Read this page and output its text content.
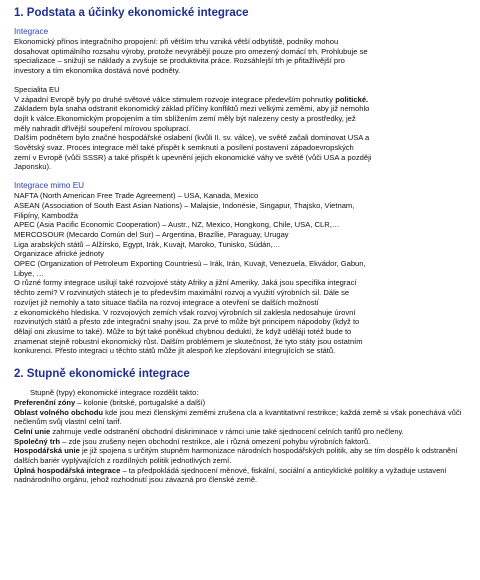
1. Podstata a účinky ekonomické integrace
Integrace

Ekonomický přínos integračního propojení: při větším trhu vzniká větší odbytiště, podniky mohou

dosahovat optimálního rozsahu výroby, protože nevyrábějí pouze pro omezený domácí trh. Prohlubuje se

specializace – snižují se náklady a zvyšuje se produktivita práce. Rozsáhlejší trh je přitažlivější pro

investory a tím ekonomika dostává nové podněty.

Specialita EU

V západní Evropě byly po druhé světové válce stimulem rozvoje integrace především pohnutky politické.

Základem byla snaha odstranit ekonomický základ příčiny konfliktů mezi velkými zeměmi, aby již nemohlo

dojít k válce.Ekonomickým propojením a tím sblížením zemí měly být nalezeny cesty a prostředky, jež

měly nahradit dřívější soupeření mírovou spoluprací.

Dalším podnětem bylo značné hospodářské oslabení (kvůli II. sv. válce), ve světě začali dominovat USA a

Sovětský svaz. Proces integrace měl také přispět k semknutí a posílení postavení západoevropských

zemí v Evropě (vůči SSSR) a také přispět k upevnění jejich ekonomické váhy ve světě (vůči USA a později

Japonsku).

Integrace mimo EU

NAFTA (North American Free Trade Agreement) – USA, Kanada, Mexico

ASEAN (Association of South East Asian Nations) – Malajsie, Indonésie, Singapur, Thajsko, Vietnam,

Filipíny, Kambodža

APEC (Asia Pacific Economic Cooperation) – Austr., NZ, Mexico, Hongkong, Chile, USA, CLR,…

MERCOSOUR (Mecardo Común del Sur) – Argentina, Brazílie, Paraguay, Urugay

Liga arabských států – Alžírsko, Egypt, Irák, Kuvajt, Maroko, Tunisko, Súdán,…

Organizace africké jednoty

OPEC (Organization of Petroleum Exporting Countriesú – Irák, Irán, Kuvajt, Venezuela, Ekvádor, Gabun,

Libye, …

O různé formy integrace usilují také rozvojové státy Afriky a jižní Ameriky. Jaká jsou specifika integrací

těchto zemí? V rozvinutých státech je to především maximální rozvoj a využití výrobních sil. Dále se

rozvíjet již nemohly a tato situace tlačila na rozvoj integrace a otevření se dalších možností

z ekonomického hlediska. V rozvojových zemích však rozvoj výrobních sil zaklesla nedosahuje úrovní

rozvinutých států a přesto zde integrační snahy jsou. Za prvé to může být principem nápodoby (když to

dělají oni zkusíme to také). Může to být také poněkud chybnou deduktí, že když uděláji totéž bude to

znamenat stejně robustní ekonomický růst. Dalším problémem je skutečnost, že tyto státy jsou ostatním

konkurenci. Přesto integraci u těchto států může jít alespoň ke zlepšování integrujících se států.

2. Stupně ekonomické integrace

Stupně (typy) ekonomické integrace rozdělit takto:

Preferenční zóny – kolonie (britské, portugalské a další)

Oblast volného obchodu kde jsou mezi členskými zeměmi zrušena cla a kvantitativní restrikce; každá země si však ponechává vůči nečlenům svůj vlastní celní tarif.

Celní unie zahrnuje vedle odstranění obchodní diskriminace v rámci unie také sjednocení celních tarifů pro nečleny.

Společný trh – zde jsou zrušeny nejen obchodní restrikce, ale i různá omezení pohybu výrobních faktorů.

Hospodářská unie je již spojena s určitým stupněm harmonizace národních hospodářských politik, aby se tím dospělo k odstranění dalších bariér vyplývajících z rozdílných politik jednotlivých zemí.

Úplná hospodářská integrace – ta předpokládá sjednocení měnové, fiskální, sociální a anticyklické politiky a vyžaduje ustavení nadnárodního orgánu, jehož rozhodnutí jsou závazná pro členské země.
